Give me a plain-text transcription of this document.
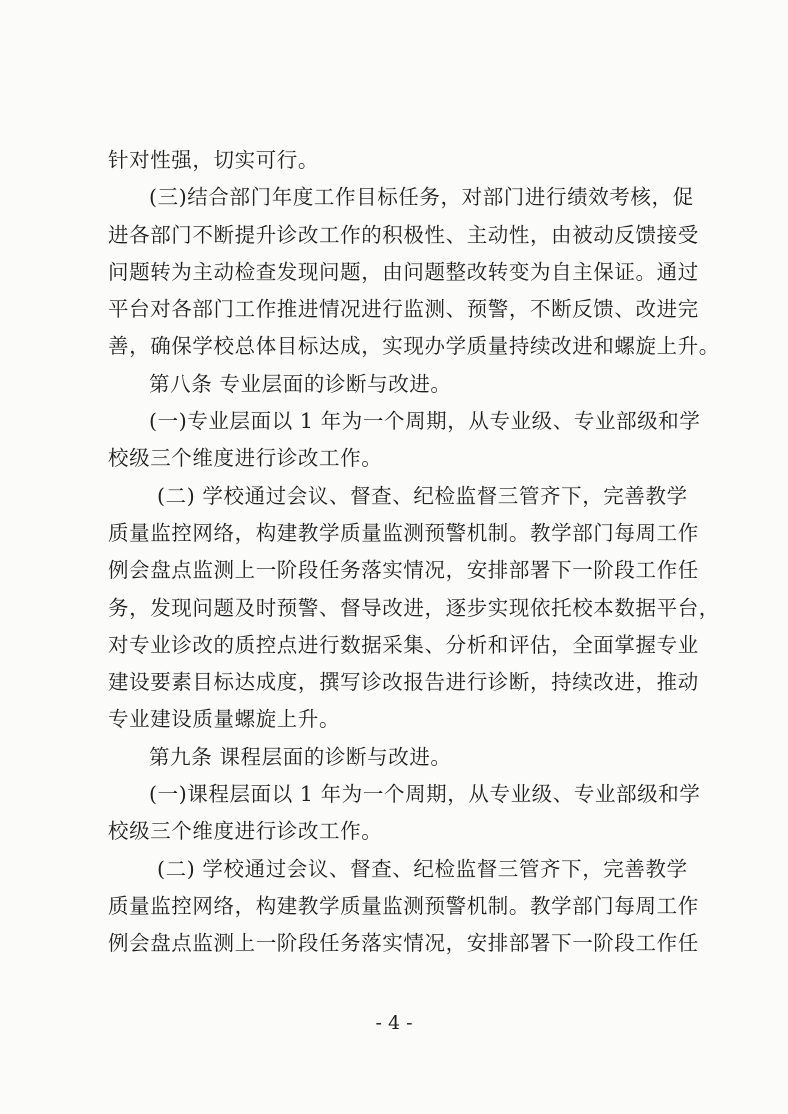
针对性强，切实可行。
(三)结合部门年度工作目标任务，对部门进行绩效考核，促
进各部门不断提升诊改工作的积极性、主动性，由被动反馈接受
问题转为主动检查发现问题，由问题整改转变为自主保证。通过
平台对各部门工作推进情况进行监测、预警，不断反馈、改进完
善，确保学校总体目标达成，实现办学质量持续改进和螺旋上升。
第八条 专业层面的诊断与改进。
(一)专业层面以 1 年为一个周期，从专业级、专业部级和学
校级三个维度进行诊改工作。
(二) 学校通过会议、督查、纪检监督三管齐下，完善教学
质量监控网络，构建教学质量监测预警机制。教学部门每周工作
例会盘点监测上一阶段任务落实情况，安排部署下一阶段工作任
务，发现问题及时预警、督导改进，逐步实现依托校本数据平台，
对专业诊改的质控点进行数据采集、分析和评估，全面掌握专业
建设要素目标达成度，撰写诊改报告进行诊断，持续改进，推动
专业建设质量螺旋上升。
第九条 课程层面的诊断与改进。
(一)课程层面以 1 年为一个周期，从专业级、专业部级和学
校级三个维度进行诊改工作。
(二) 学校通过会议、督查、纪检监督三管齐下，完善教学
质量监控网络，构建教学质量监测预警机制。教学部门每周工作
例会盘点监测上一阶段任务落实情况，安排部署下一阶段工作任
- 4 -
